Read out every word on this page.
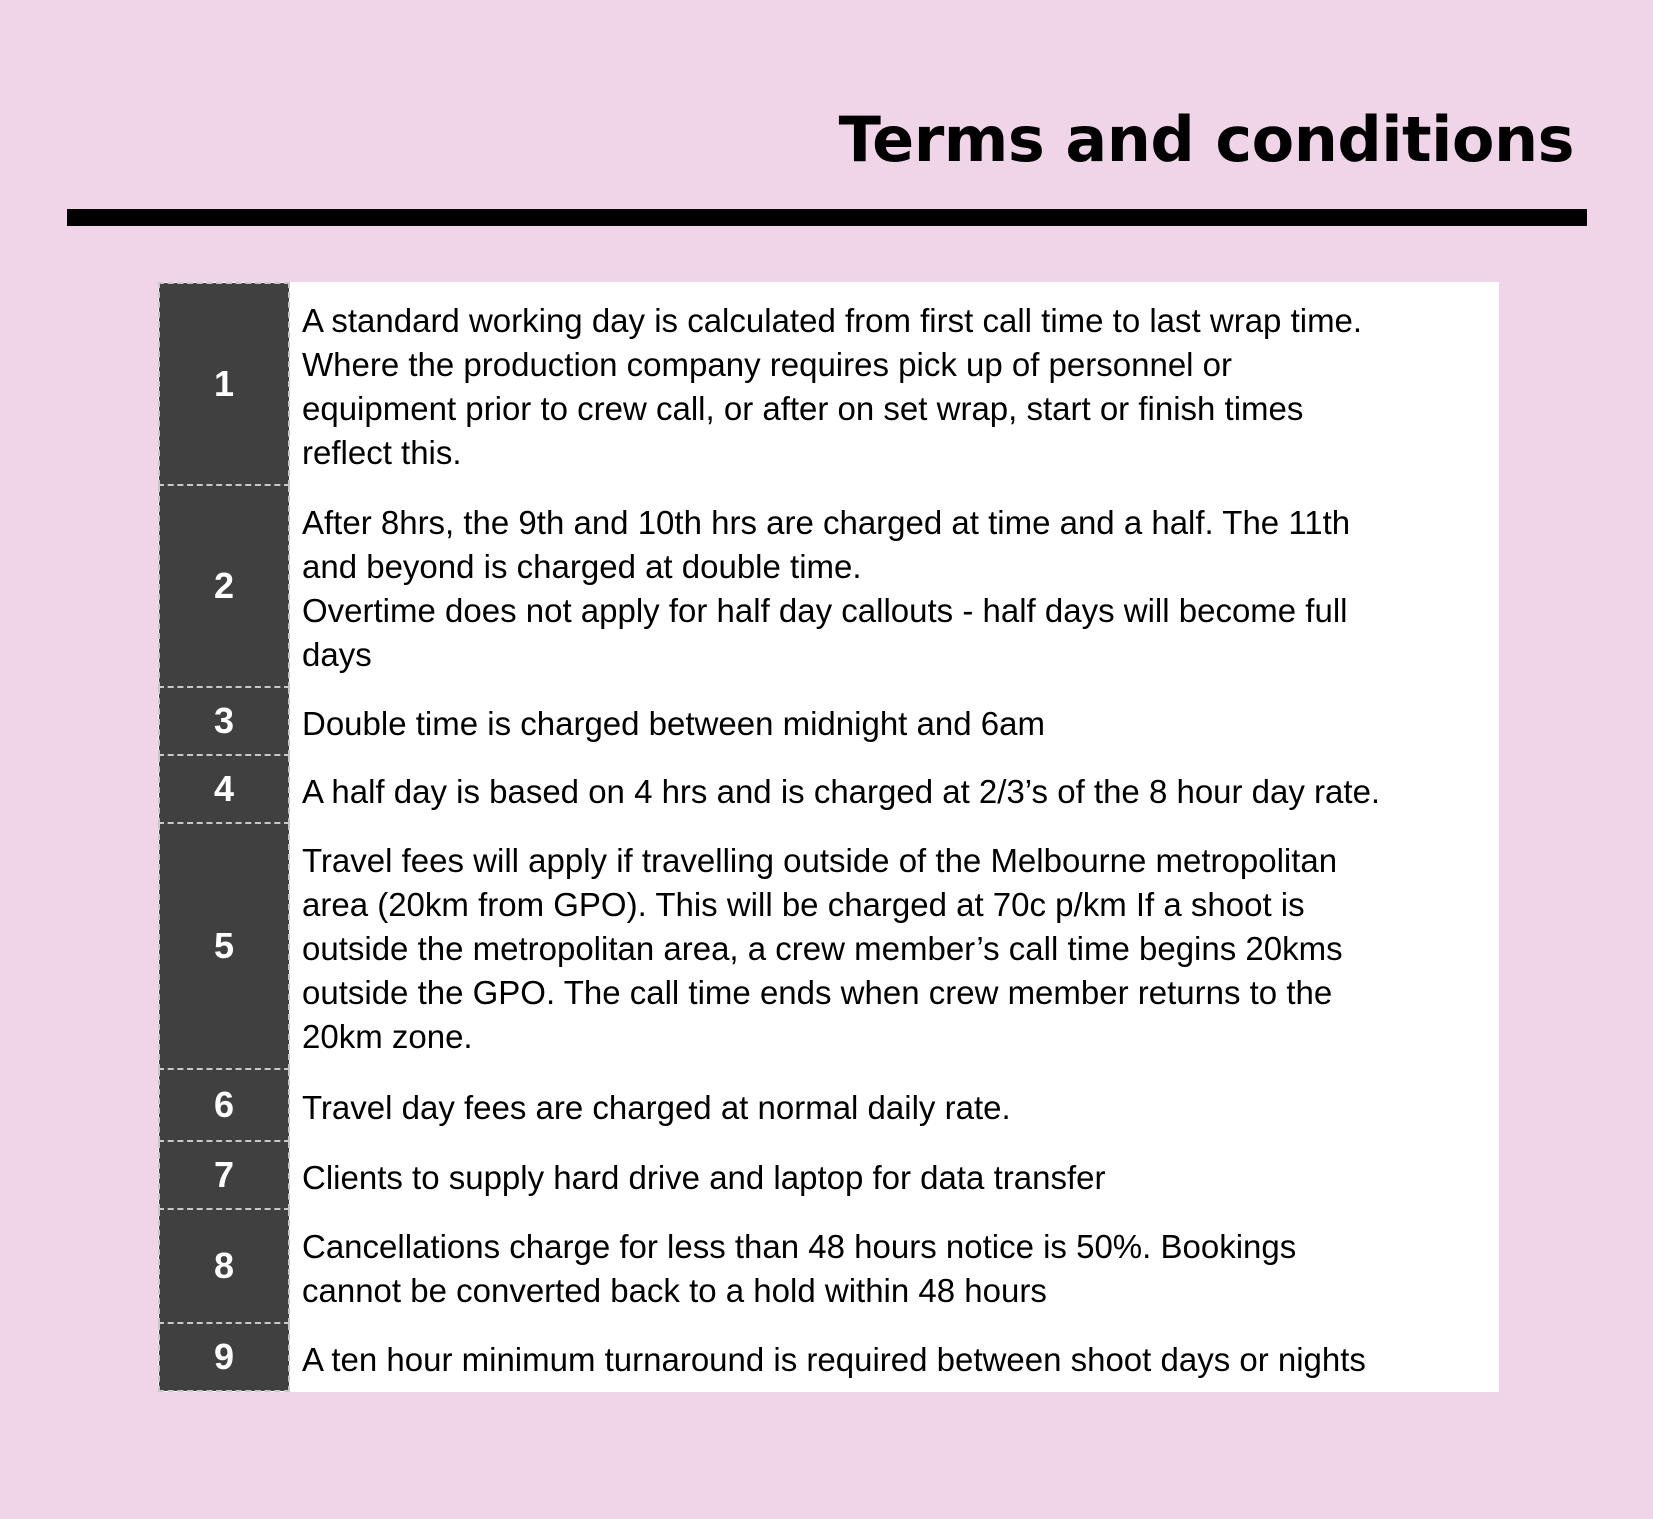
Terms and conditions
1	A standard working day is calculated from first call time to last wrap time.
Where the production company requires pick up of personnel or
equipment prior to crew call, or after on set wrap, start or finish times
reflect this.
2	After 8hrs, the 9th and 10th hrs are charged at time and a half. The 11th
and beyond is charged at double time.
Overtime does not apply for half day callouts - half days will become full
days
3	Double time is charged between midnight and 6am
4	A half day is based on 4 hrs and is charged at 2/3’s of the 8 hour day rate.
5	Travel fees will apply if travelling outside of the Melbourne metropolitan
area (20km from GPO). This will be charged at 70c p/km If a shoot is
outside the metropolitan area, a crew member’s call time begins 20kms
outside the GPO. The call time ends when crew member returns to the
20km zone.
6	Travel day fees are charged at normal daily rate.
7	Clients to supply hard drive and laptop for data transfer
8	Cancellations charge for less than 48 hours notice is 50%. Bookings
cannot be converted back to a hold within 48 hours
9	A ten hour minimum turnaround is required between shoot days or nights
